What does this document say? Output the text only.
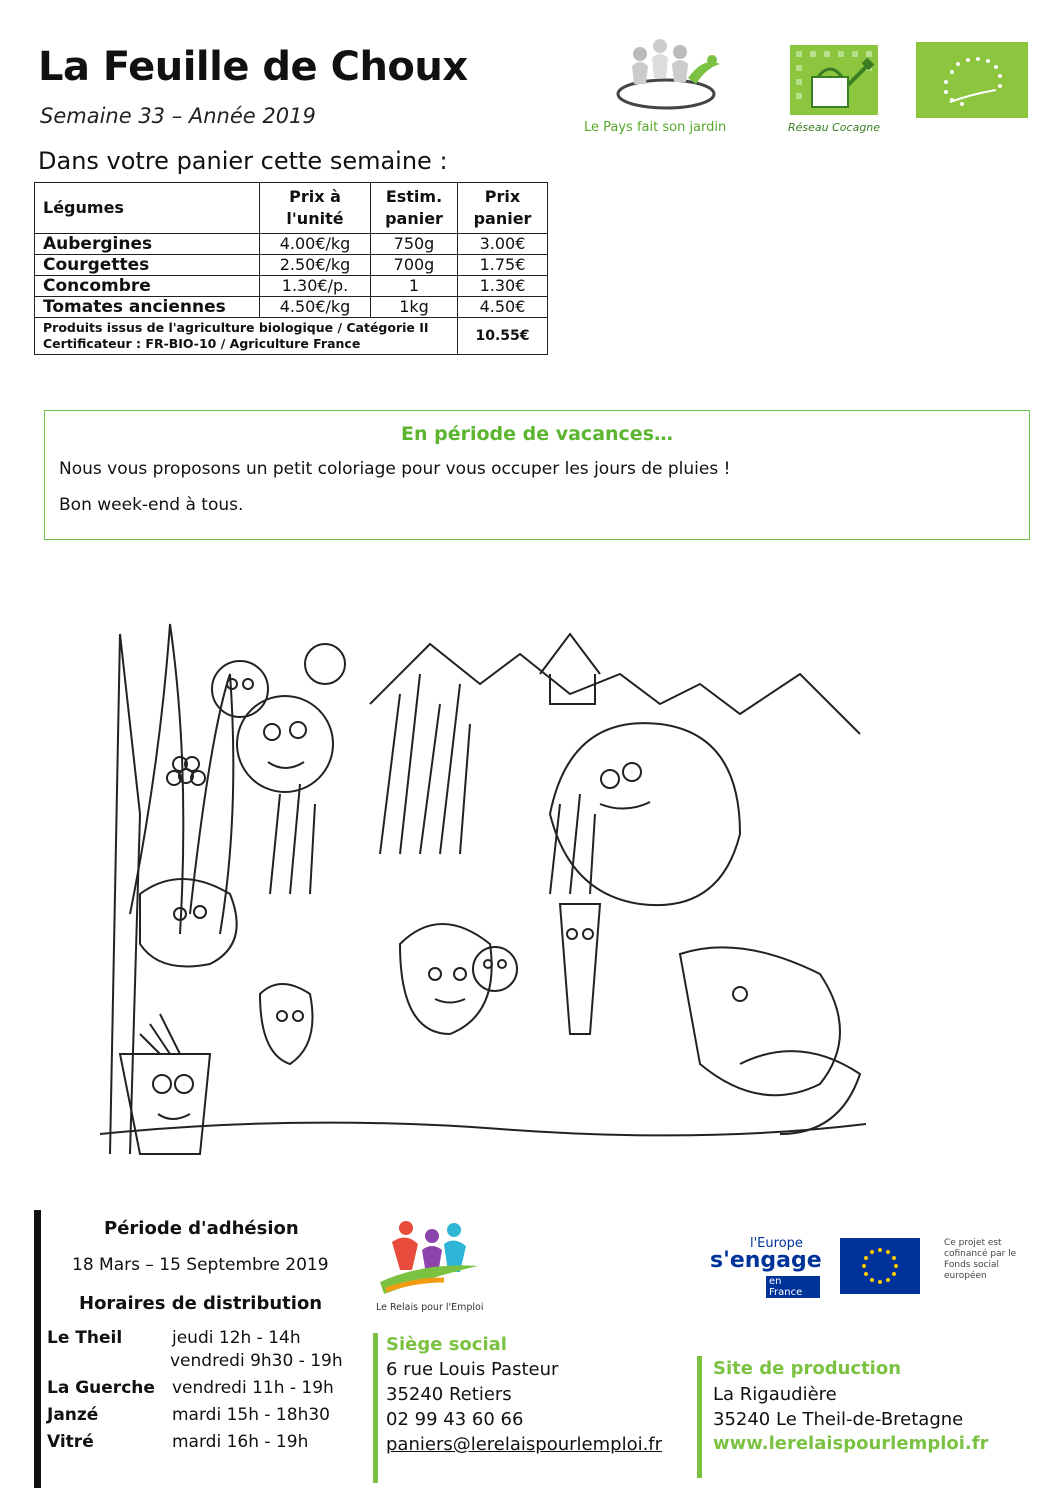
La Feuille de Choux
Semaine 33 – Année 2019
Dans votre panier cette semaine :
Le Pays fait son jardin	Réseau Cocagne
Légumes	Prix à l'unité	Estim. panier	Prix panier
Aubergines	4.00€/kg	750g	3.00€
Courgettes	2.50€/kg	700g	1.75€
Concombre	1.30€/p.	1	1.30€
Tomates anciennes	4.50€/kg	1kg	4.50€

Produits issus de l'agriculture biologique / Catégorie II
Certificateur : FR-BIO-10 / Agriculture France			10.55€
En période de vacances…
Nous vous proposons un petit coloriage pour vous occuper les jours de pluies !
Bon week-end à tous.
Période d'adhésion
18 Mars – 15 Septembre 2019
Horaires de distribution
Le Theil	jeudi 12h - 14h
vendredi 9h30 - 19h
La Guerche vendredi 11h - 19h
Janzé	mardi 15h - 18h30
Vitré	mardi 16h - 19h
Le Relais pour l'Emploi
Siège social
6 rue Louis Pasteur
35240 Retiers
02 99 43 60 66
paniers@lerelaispourlemploi.fr
l'Europe
s'engage
en France
Ce projet est cofinancé par le Fonds social européen
Site de production
La Rigaudière
35240 Le Theil-de-Bretagne
www.lerelaispourlemploi.fr
